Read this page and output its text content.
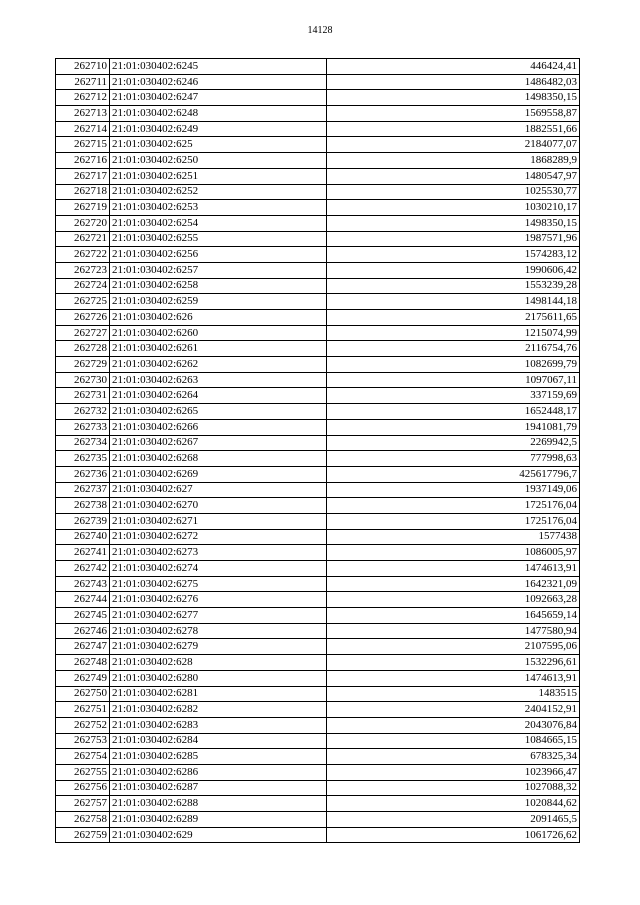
14128
262710	21:01:030402:6245	446424,41
262711	21:01:030402:6246	1486482,03
262712	21:01:030402:6247	1498350,15
262713	21:01:030402:6248	1569558,87
262714	21:01:030402:6249	1882551,66
262715	21:01:030402:625	2184077,07
262716	21:01:030402:6250	1868289,9
262717	21:01:030402:6251	1480547,97
262718	21:01:030402:6252	1025530,77
262719	21:01:030402:6253	1030210,17
262720	21:01:030402:6254	1498350,15
262721	21:01:030402:6255	1987571,96
262722	21:01:030402:6256	1574283,12
262723	21:01:030402:6257	1990606,42
262724	21:01:030402:6258	1553239,28
262725	21:01:030402:6259	1498144,18
262726	21:01:030402:626	2175611,65
262727	21:01:030402:6260	1215074,99
262728	21:01:030402:6261	2116754,76
262729	21:01:030402:6262	1082699,79
262730	21:01:030402:6263	1097067,11
262731	21:01:030402:6264	337159,69
262732	21:01:030402:6265	1652448,17
262733	21:01:030402:6266	1941081,79
262734	21:01:030402:6267	2269942,5
262735	21:01:030402:6268	777998,63
262736	21:01:030402:6269	425617796,7
262737	21:01:030402:627	1937149,06
262738	21:01:030402:6270	1725176,04
262739	21:01:030402:6271	1725176,04
262740	21:01:030402:6272	1577438
262741	21:01:030402:6273	1086005,97
262742	21:01:030402:6274	1474613,91
262743	21:01:030402:6275	1642321,09
262744	21:01:030402:6276	1092663,28
262745	21:01:030402:6277	1645659,14
262746	21:01:030402:6278	1477580,94
262747	21:01:030402:6279	2107595,06
262748	21:01:030402:628	1532296,61
262749	21:01:030402:6280	1474613,91
262750	21:01:030402:6281	1483515
262751	21:01:030402:6282	2404152,91
262752	21:01:030402:6283	2043076,84
262753	21:01:030402:6284	1084665,15
262754	21:01:030402:6285	678325,34
262755	21:01:030402:6286	1023966,47
262756	21:01:030402:6287	1027088,32
262757	21:01:030402:6288	1020844,62
262758	21:01:030402:6289	2091465,5
262759	21:01:030402:629	1061726,62
